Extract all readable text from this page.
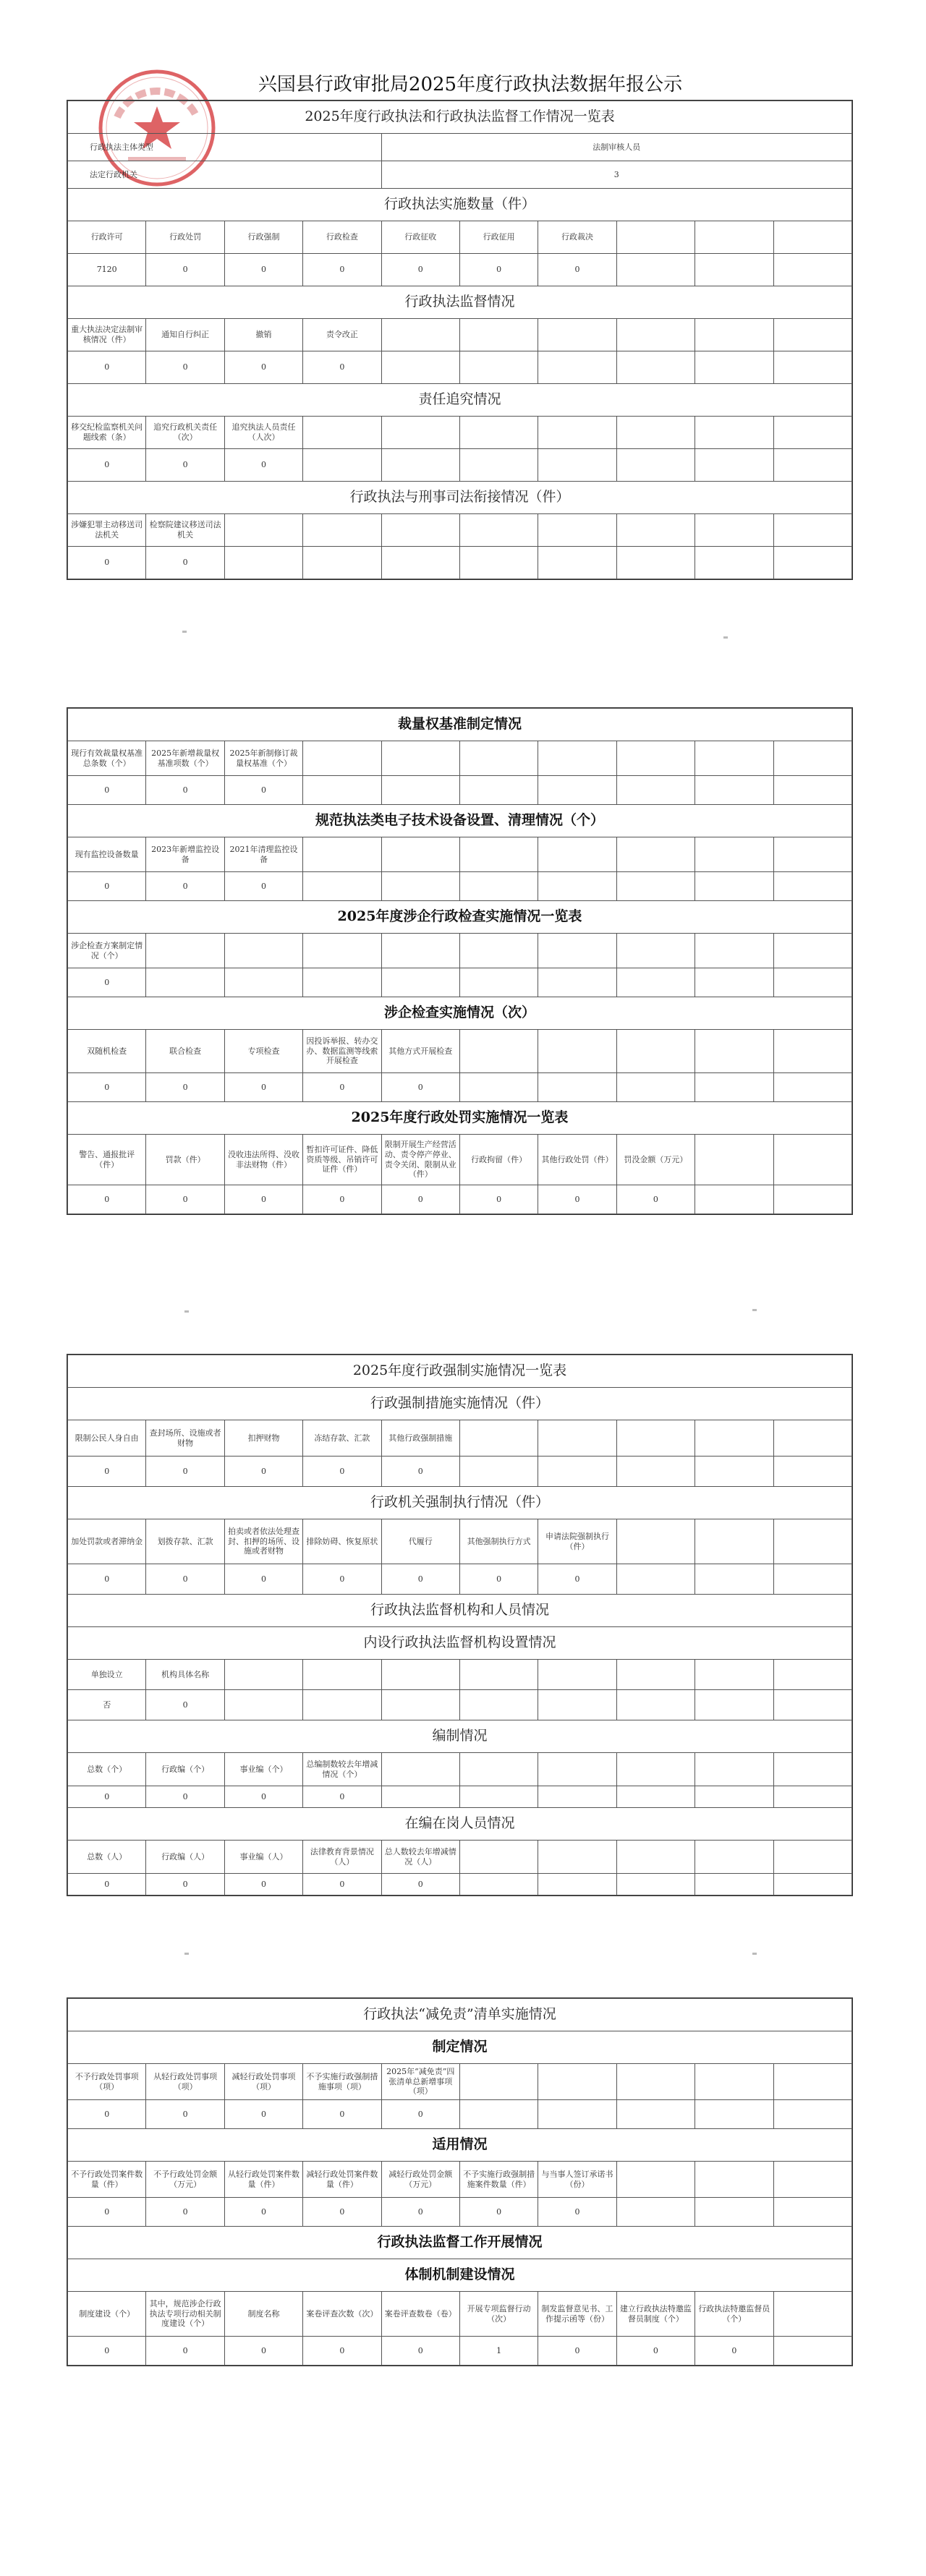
兴国县行政审批局2025年度行政执法数据年报公示
2025年度行政执法和行政执法监督工作情况一览表									
行政执法主体类型				法制审核人员					
法定行政机关				3					
行政执法实施数量（件）									
行政许可	行政处罚	行政强制	行政检查	行政征收	行政征用	行政裁决			
7120	0	0	0	0	0	0			
行政执法监督情况									
重大执法决定法制审核情况（件）	通知自行纠正	撤销	责令改正						
0	0	0	0						
责任追究情况									
移交纪检监察机关问题线索（条）	追究行政机关责任（次）	追究执法人员责任（人次）							
0	0	0							
行政执法与刑事司法衔接情况（件）									
涉嫌犯罪主动移送司法机关	检察院建议移送司法机关								
0	0								
裁量权基准制定情况									
现行有效裁量权基准总条数（个）	2025年新增裁量权基准项数（个）	2025年新制修订裁量权基准（个）							
0	0	0							
规范执法类电子技术设备设置、清理情况（个）									
现有监控设备数量	2023年新增监控设备	2021年清理监控设备							
0	0	0							
2025年度涉企行政检查实施情况一览表									
涉企检查方案制定情况（个）									
0									
涉企检查实施情况（次）									
双随机检查	联合检查	专项检查	因投诉举报、转办交办、数据监测等线索开展检查	其他方式开展检查					
0	0	0	0	0					
2025年度行政处罚实施情况一览表									
警告、通报批评（件）	罚款（件）	没收违法所得、没收非法财物（件）	暂扣许可证件、降低资质等级、吊销许可证件（件）	限制开展生产经营活动、责令停产停业、责令关闭、限制从业（件）	行政拘留（件）	其他行政处罚（件）	罚没金额（万元）		
0	0	0	0	0	0	0	0		
2025年度行政强制实施情况一览表									
行政强制措施实施情况（件）									
限制公民人身自由	查封场所、设施或者财物	扣押财物	冻结存款、汇款	其他行政强制措施					
0	0	0	0	0					
行政机关强制执行情况（件）									
加处罚款或者滞纳金	划拨存款、汇款	拍卖或者依法处理查封、扣押的场所、设施或者财物	排除妨碍、恢复原状	代履行	其他强制执行方式	申请法院强制执行（件）			
0	0	0	0	0	0	0			
行政执法监督机构和人员情况									
内设行政执法监督机构设置情况									
单独设立	机构具体名称								
否	0								
编制情况									
总数（个）	行政编（个）	事业编（个）	总编制数较去年增减情况（个）						
0	0	0	0						
在编在岗人员情况									
总数（人）	行政编（人）	事业编（人）	法律教育背景情况（人）	总人数较去年增减情况（人）					
0	0	0	0	0					
行政执法“减免责”清单实施情况									
制定情况									
不予行政处罚事项（项）	从轻行政处罚事项（项）	减轻行政处罚事项（项）	不予实施行政强制措施事项（项）	2025年“减免责”四张清单总新增事项（项）					
0	0	0	0	0					
适用情况									
不予行政处罚案件数量（件）	不予行政处罚金额（万元）	从轻行政处罚案件数量（件）	减轻行政处罚案件数量（件）	减轻行政处罚金额（万元）	不予实施行政强制措施案件数量（件）	与当事人签订承诺书（份）			
0	0	0	0	0	0	0			
行政执法监督工作开展情况									
体制机制建设情况									
制度建设（个）	其中，规范涉企行政执法专项行动相关制度建设（个）	制度名称	案卷评查次数（次）	案卷评查数卷（卷）	开展专项监督行动（次）	制发监督意见书、工作提示函等（份）	建立行政执法特邀监督员制度（个）	行政执法特邀监督员（个）	
0	0	0	0	0	1	0	0	0	
